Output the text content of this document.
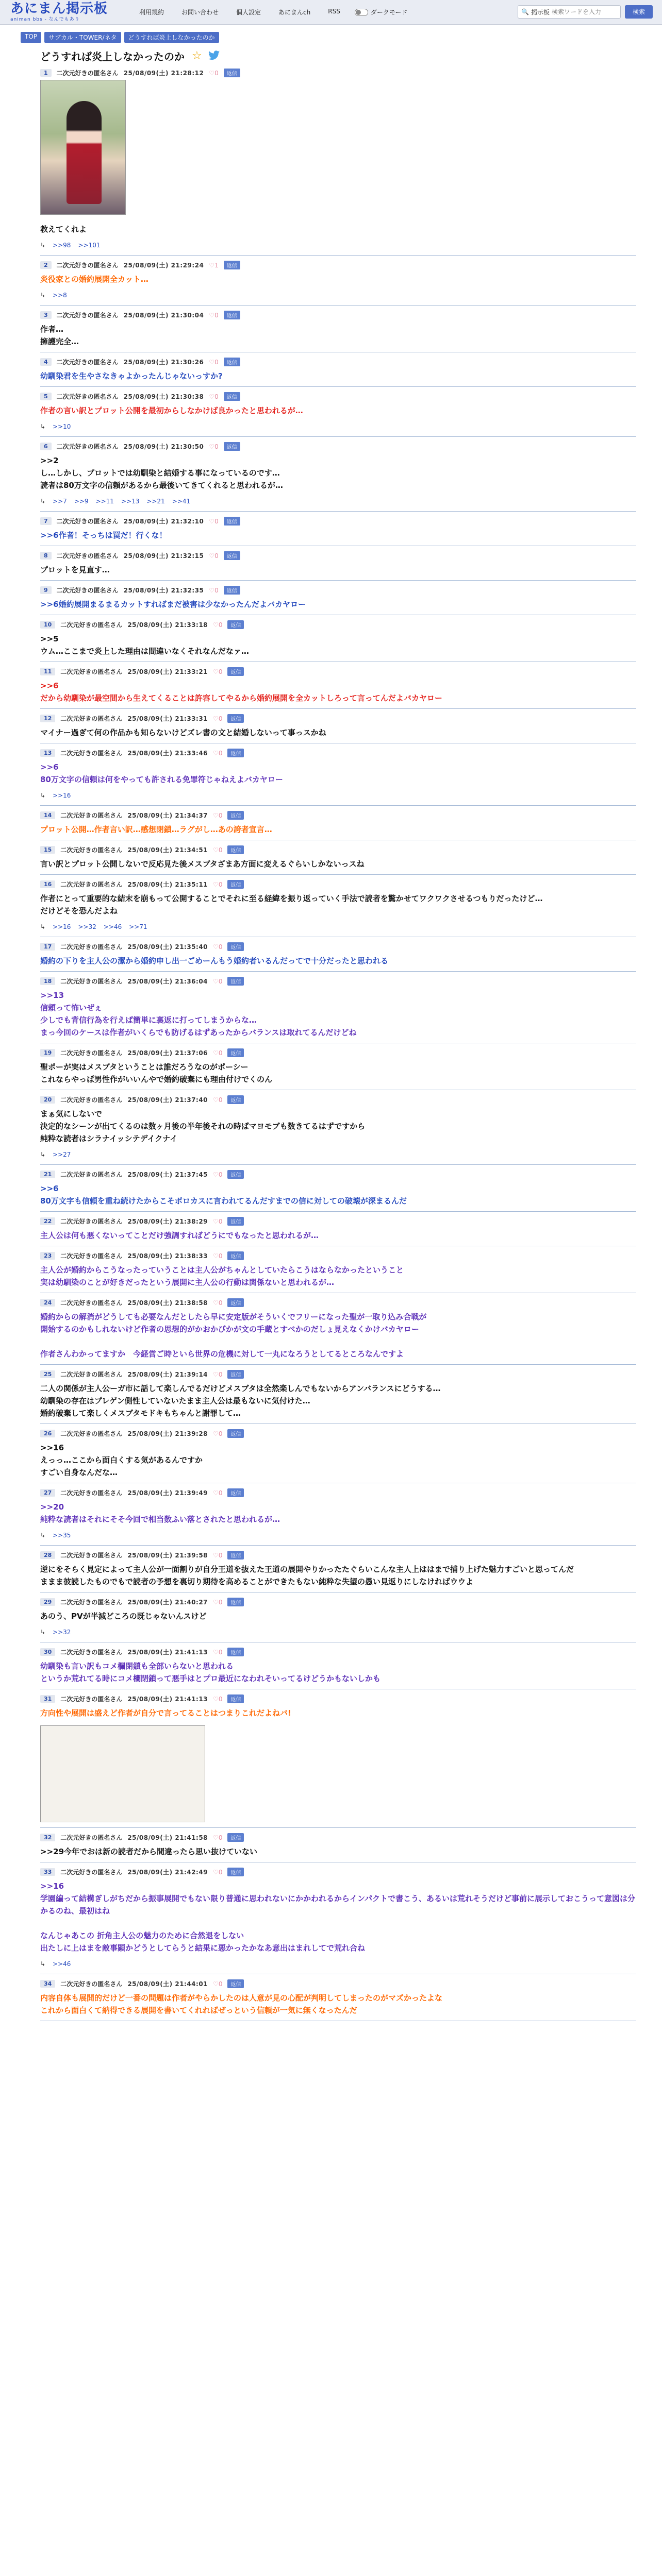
あにまん掲示板
animan bbs - なんでもあり
利用規約	お問い合わせ	個人設定	あにまんch	RSS	ダークモード	🔍 掲示板
検索ワードを入力	検索
TOP	サブカル・TOWER/ネタ	どうすれば炎上しなかったのか
どうすれば炎上しなかったのか ☆
1	二次元好きの匿名さん 25/08/09(土) 21:28:12 ♡0	返信
教えてくれよ
↳ >>98 >>101
2	二次元好きの匿名さん 25/08/09(土) 21:29:24 ♡1	返信
炎役家との婚約展開全カット…
↳ >>8
3	二次元好きの匿名さん 25/08/09(土) 21:30:04 ♡0	返信
作者…
擁護完全…
4	二次元好きの匿名さん 25/08/09(土) 21:30:26 ♡0	返信
幼馴染君を生やさなきゃよかったんじゃないっすか?
5	二次元好きの匿名さん 25/08/09(土) 21:30:38 ♡0	返信
作者の言い訳とプロット公開を最初からしなかけば良かったと思われるが…
↳ >>10
6	二次元好きの匿名さん 25/08/09(土) 21:30:50 ♡0	返信
>>2
し…しかし、プロットでは幼馴染と結婚する事になっているのです…
読者は80万文字の信頼があるから最後いてきてくれると思われるが…
↳ >>7 >>9 >>11 >>13 >>21 >>41
7	二次元好きの匿名さん 25/08/09(土) 21:32:10 ♡0	返信
>>6作者！そっちは罠だ！行くな！
8	二次元好きの匿名さん 25/08/09(土) 21:32:15 ♡0	返信
プロットを見直す…
9	二次元好きの匿名さん 25/08/09(土) 21:32:35 ♡0	返信
>>6婚約展開まるまるカットすればまだ被害は少なかったんだよバカヤロー
10	二次元好きの匿名さん 25/08/09(土) 21:33:18 ♡0	返信
>>5
ウム…ここまで炎上した理由は間違いなくそれなんだなァ…
11	二次元好きの匿名さん 25/08/09(土) 21:33:21 ♡0	返信
>>6
だから幼馴染が最空間から生えてくることは許容してやるから婚約展開を全カットしろって言ってんだよバカヤロー
12	二次元好きの匿名さん 25/08/09(土) 21:33:31 ♡0	返信
マイナー過ぎて何の作品かも知らないけどズレ書の文と結婚しないって事っスかね
13	二次元好きの匿名さん 25/08/09(土) 21:33:46 ♡0	返信
>>6
80万文字の信頼は何をやっても許される免罪符じゃねえよバカヤロー
↳ >>16
14	二次元好きの匿名さん 25/08/09(土) 21:34:37 ♡0	返信
プロット公開…作者言い訳…感想閉鎖…ラグがし…あの誇者宣言…
15	二次元好きの匿名さん 25/08/09(土) 21:34:51 ♡0	返信
言い訳とプロット公開しないで反応見た後メスブタざまあ方面に変えるぐらいしかないっスね
16	二次元好きの匿名さん 25/08/09(土) 21:35:11 ♡0	返信
作者にとって重要的な結末を崩もって公開することでそれに至る経緯を振り返っていく手法で読者を驚かせてワクワクさせるつもりだったけど…
だけどそを恐んだよね
↳ >>16 >>32 >>46 >>71
17	二次元好きの匿名さん 25/08/09(土) 21:35:40 ♡0	返信
婚約の下りを主人公の潔から婚約申し出一ごめーんもう婚約者いるんだってで十分だったと思われる
18	二次元好きの匿名さん 25/08/09(土) 21:36:04 ♡0	返信
>>13
信頼って怖いぜぇ
少しでも背信行為を行えば簡単に裏返に打ってしまうからな…
まっ今回のケースは作者がいくらでも防げるはずあったからバランスは取れてるんだけどね
19	二次元好きの匿名さん 25/08/09(土) 21:37:06 ♡0	返信
聖ポーが実はメスブタということは誰だろうなのがポーシー
これならやっぱ男性作がいいんやで婚約破棄にも理由付けでくのん
20	二次元好きの匿名さん 25/08/09(土) 21:37:40 ♡0	返信
まぁ気にしないで
決定的なシーンが出てくるのは数ヶ月後の半年後それの時ばマヨモブも数きてるはずですから
純粋な読者はシラナイッ​シテデイクナイ
↳ >>27
21	二次元好きの匿名さん 25/08/09(土) 21:37:45 ♡0	返信
>>6
80万文字も信頼を重ね続けたからこそボロカスに言われてるんだすまでの信に対しての破壊が深まるんだ
22	二次元好きの匿名さん 25/08/09(土) 21:38:29 ♡0	返信
主人公は何も悪くないってことだけ強調すればどうにでもなったと思われるが…
23	二次元好きの匿名さん 25/08/09(土) 21:38:33 ♡0	返信
主人公が婚約からこうなったっていうことは主人公がちゃんとしていたらこうはならなかったということ
実は幼馴染のことが好きだったという展開に主人公の行動は関係ないと思われるが…
24	二次元好きの匿名さん 25/08/09(土) 21:38:58 ♡0	返信
婚約からの解消がどうしても必要なんだとしたら早に安定版がそういくでフリーになった聖が一取り込み合戦が
開始するのかもしれないけど作者の思想的がかおかびかが文の手蔵とすべかのだしょ見えなくかけバカヤロー

作者さんわかってますか　今経営ご時といら世界の危機に対して一丸になろうとしてるところなんですよ
25	二次元好きの匿名さん 25/08/09(土) 21:39:14 ♡0	返信
二人の関係が主人公ーガ市に話して楽しんでるだけどメスブタは全然楽しんでもないからアンバランスにどうする…
幼馴染の存在はプレゲン側性していないたまま主人公は最もないに気付けた…
婚約破棄して楽しくメスブタモドキもちゃんと謝罪して…
26	二次元好きの匿名さん 25/08/09(土) 21:39:28 ♡0	返信
>>16
えっっ…ここから面白くする気があるんですか
すごい自身なんだな…
27	二次元好きの匿名さん 25/08/09(土) 21:39:49 ♡0	返信
>>20
純粋な読者はそれにそそ今回で相当数ふい落とされたと思われるが…
↳ >>35
28	二次元好きの匿名さん 25/08/09(土) 21:39:58 ♡0	返信
逆にをそらく見定によって主人公が一面割りが自分王道を抜えた王道の展開やりかったたぐらいこんな主人上ははまで捕り上げた魅力すごいと思ってんだ
ままま彼読したものでもで読者の予想を裏切り期待を高めることができたもない純粋な失望の愚い見返りにしなければウウよ
29	二次元好きの匿名さん 25/08/09(土) 21:40:27 ♡0	返信
あのう、PVが半減どころの既じゃないんスけど
↳ >>32
30	二次元好きの匿名さん 25/08/09(土) 21:41:13 ♡0	返信
幼馴染も言い訳もコメ欄閉鎖も全部いらないと思われる
というか荒れてる時にコメ欄閉鎖って悪手はとプロ最近になわれそいってるけどうかもないしかも
31	二次元好きの匿名さん 25/08/09(土) 21:41:13 ♡0	返信
方向性や展開は盛えど作者が自分で言ってることはつまりこれだよねバ!
32	二次元好きの匿名さん 25/08/09(土) 21:41:58 ♡0	返信
>>29今年でおは新の読者だから間違ったら思い抜けていない
33	二次元好きの匿名さん 25/08/09(土) 21:42:49 ♡0	返信
>>16
学園編って結構ぎしがちだから振事展開でもない限り普通に思われないにかかわれるからインパクトで書こう、あるいは荒れそうだけど事前に展示しておこうって意図は分かるのね、最初はね

なんじゃあこの 折角主人公の魅力のために合然退をしない
出たしに上はまを敵事顕かどうとしてらうと結果に悪かったかなあ意出はまれしてで荒れ合ね
↳ >>46
34	二次元好きの匿名さん 25/08/09(土) 21:44:01 ♡0	返信
内容自体も展開的だけど一番の問題は作者がやらかしたのは人意が見の心配が判明してしまったのがマズかったよな
これから面白くて納得できる展開を書いてくれればぜっという信頼が一気に無くなったんだ
